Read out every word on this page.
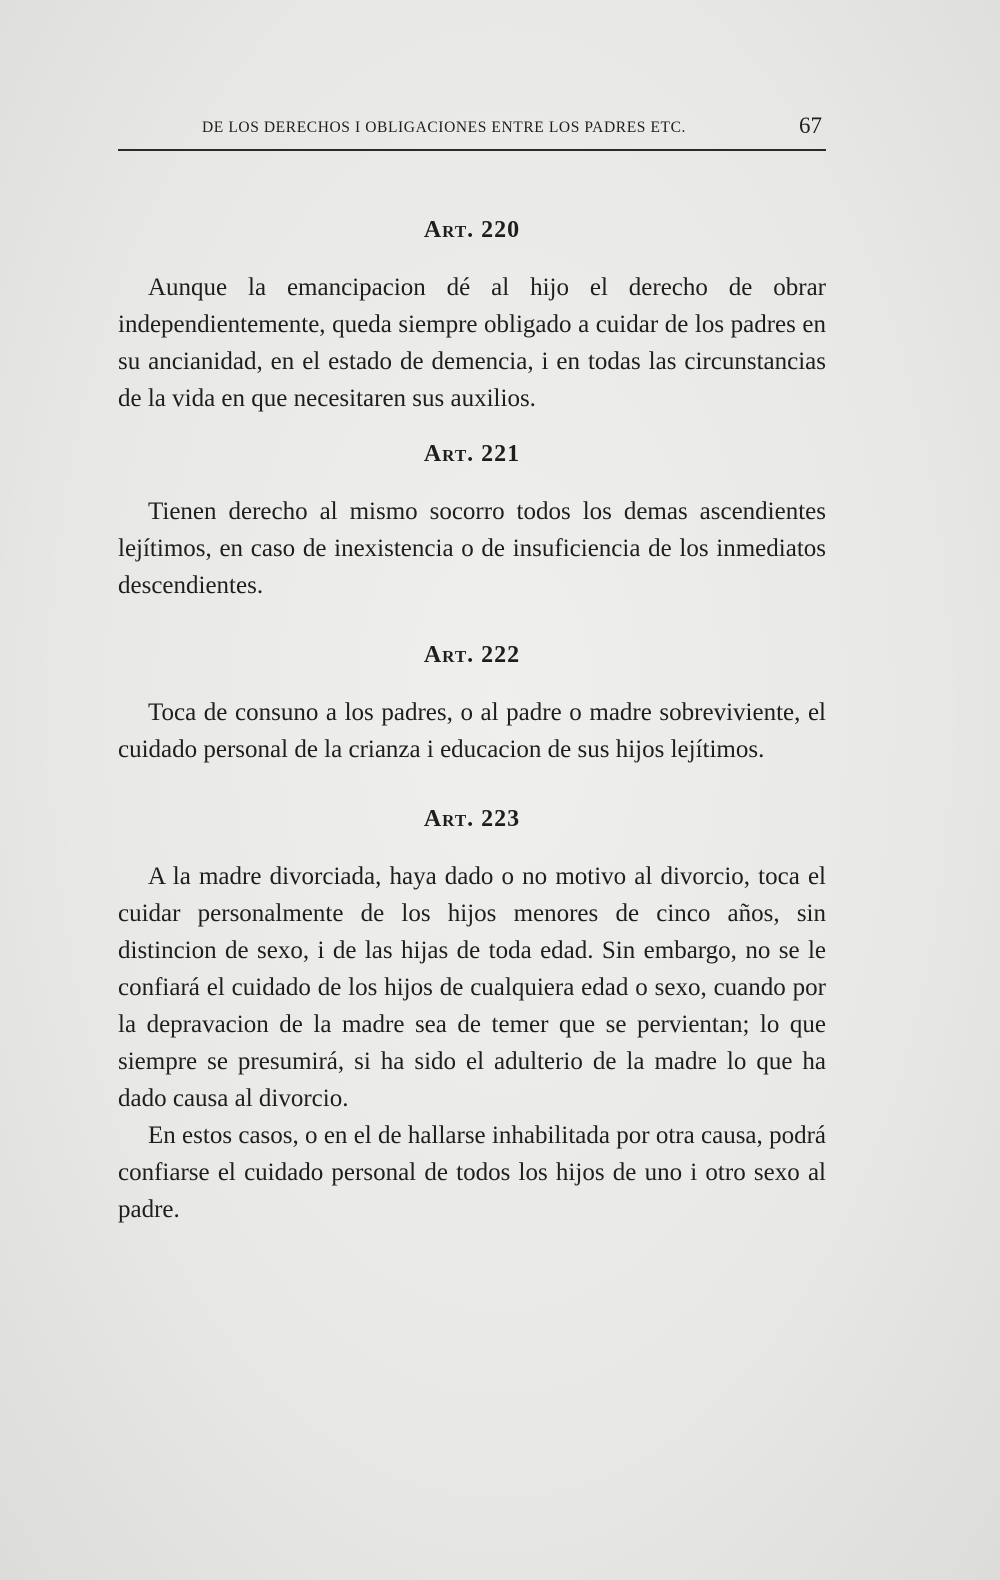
DE LOS DERECHOS I OBLIGACIONES ENTRE LOS PADRES ETC.	67
Art. 220

Aunque la emancipacion dé al hijo el derecho de obrar independientemente, queda siempre obligado a cuidar de los padres en su ancianidad, en el estado de demencia, i en todas las circunstancias de la vida en que necesitaren sus auxilios.

Art. 221

Tienen derecho al mismo socorro todos los demas ascendientes lejítimos, en caso de inexistencia o de insuficiencia de los inmediatos descendientes.

Art. 222

Toca de consuno a los padres, o al padre o madre sobreviviente, el cuidado personal de la crianza i educacion de sus hijos lejítimos.

Art. 223

A la madre divorciada, haya dado o no motivo al divorcio, toca el cuidar personalmente de los hijos menores de cinco años, sin distincion de sexo, i de las hijas de toda edad. Sin embargo, no se le confiará el cuidado de los hijos de cualquiera edad o sexo, cuando por la depravacion de la madre sea de temer que se pervientan; lo que siempre se presumirá, si ha sido el adulterio de la madre lo que ha dado causa al divorcio.

En estos casos, o en el de hallarse inhabilitada por otra causa, podrá confiarse el cuidado personal de todos los hijos de uno i otro sexo al padre.
